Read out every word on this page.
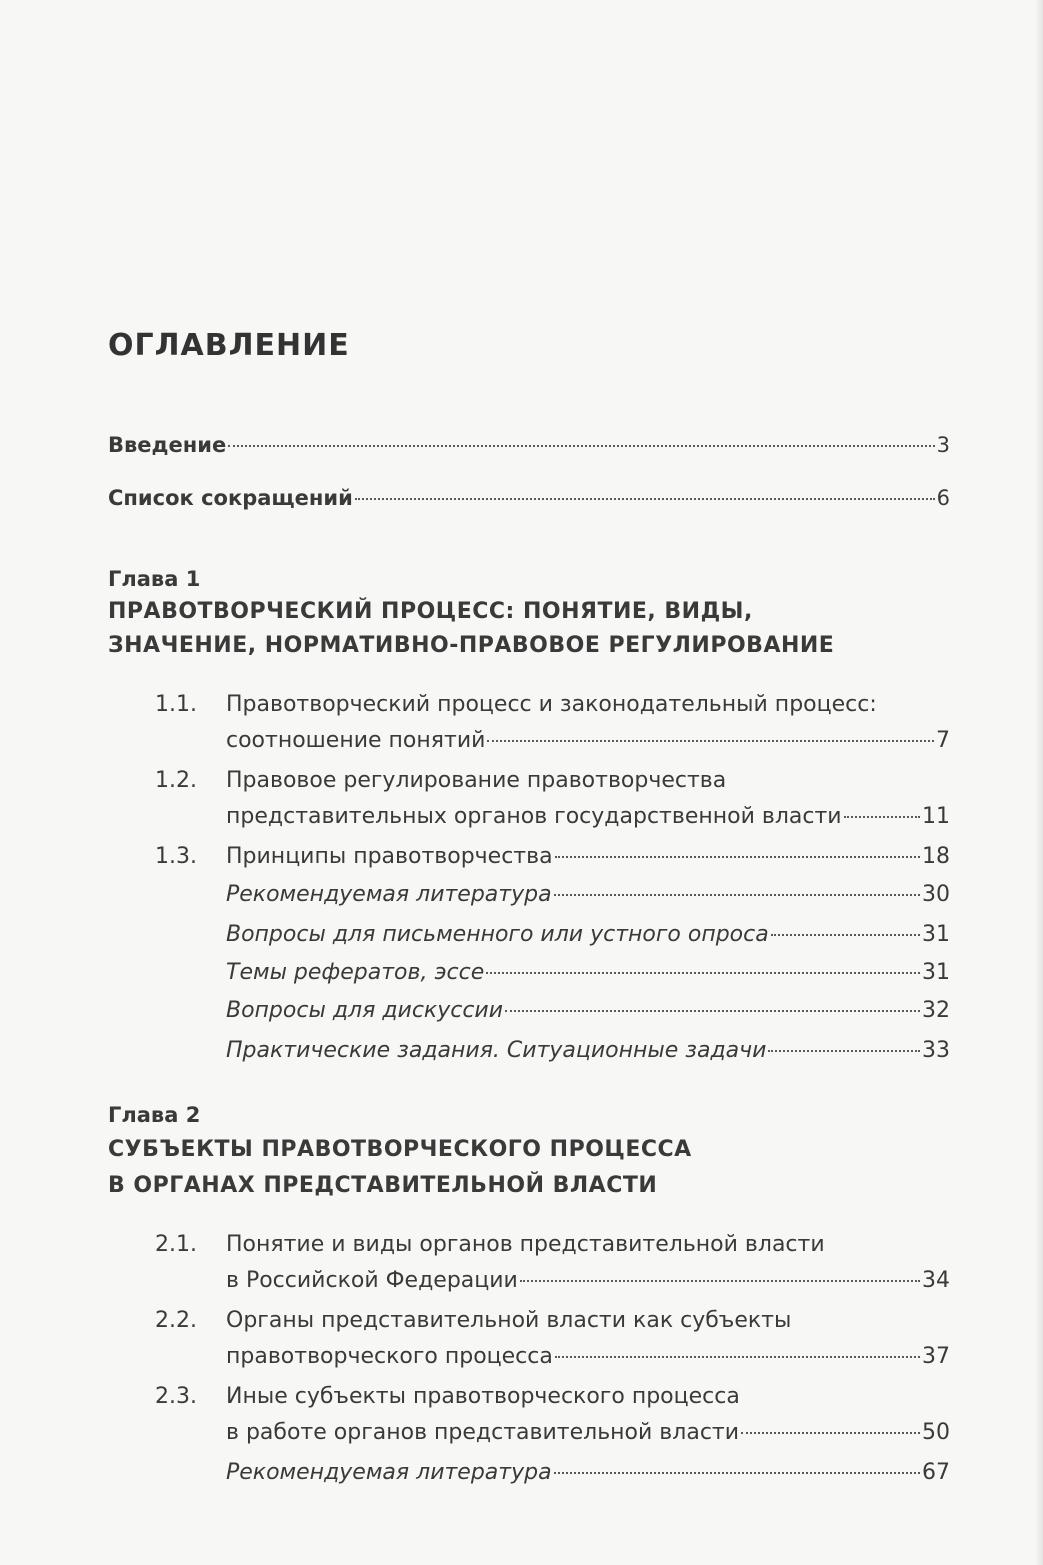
ОГЛАВЛЕНИЕ
Введение	3
Список сокращений	6
Глава 1
ПРАВОТВОРЧЕСКИЙ ПРОЦЕСС: ПОНЯТИЕ, ВИДЫ,
ЗНАЧЕНИЕ, НОРМАТИВНО-ПРАВОВОЕ РЕГУЛИРОВАНИЕ
1.1. Правотворческий процесс и законодательный процесс:
соотношение понятий	7
1.2. Правовое регулирование правотворчества
представительных органов государственной власти	11
1.3. Принципы правотворчества	18
Рекомендуемая литература	30
Вопросы для письменного или устного опроса	31
Темы рефератов, эссе	31
Вопросы для дискуссии	32
Практические задания. Ситуационные задачи	33
Глава 2
СУБЪЕКТЫ ПРАВОТВОРЧЕСКОГО ПРОЦЕССА
В ОРГАНАХ ПРЕДСТАВИТЕЛЬНОЙ ВЛАСТИ
2.1. Понятие и виды органов представительной власти
в Российской Федерации	34
2.2. Органы представительной власти как субъекты
правотворческого процесса	37
2.3. Иные субъекты правотворческого процесса
в работе органов представительной власти	50
Рекомендуемая литература	67
